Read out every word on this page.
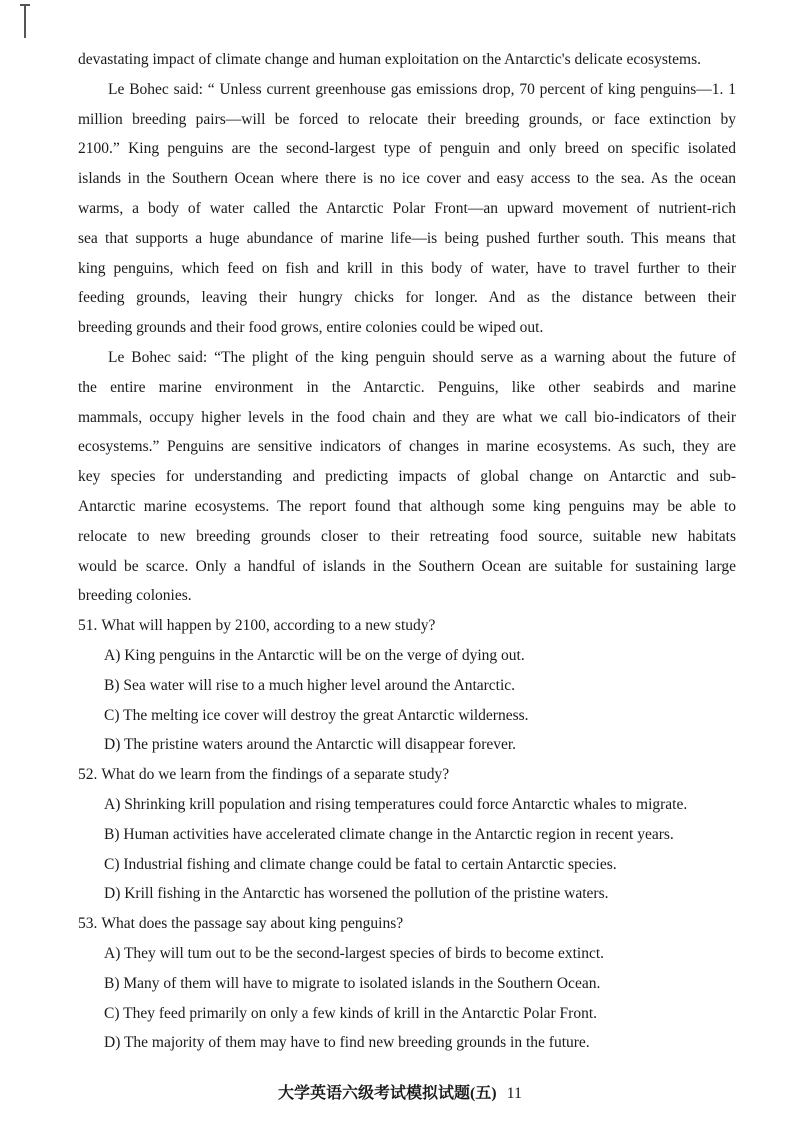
devastating impact of climate change and human exploitation on the Antarctic's delicate ecosystems.
Le Bohec said: “ Unless current greenhouse gas emissions drop, 70 percent of king penguins—1. 1
million breeding pairs—will be forced to relocate their breeding grounds, or face extinction by
2100.” King penguins are the second-largest type of penguin and only breed on specific isolated
islands in the Southern Ocean where there is no ice cover and easy access to the sea. As the ocean
warms, a body of water called the Antarctic Polar Front—an upward movement of nutrient-rich
sea that supports a huge abundance of marine life—is being pushed further south. This means that
king penguins, which feed on fish and krill in this body of water, have to travel further to their
feeding grounds, leaving their hungry chicks for longer. And as the distance between their
breeding grounds and their food grows, entire colonies could be wiped out.
Le Bohec said: “The plight of the king penguin should serve as a warning about the future of
the entire marine environment in the Antarctic. Penguins, like other seabirds and marine
mammals, occupy higher levels in the food chain and they are what we call bio-indicators of their
ecosystems.” Penguins are sensitive indicators of changes in marine ecosystems. As such, they are
key species for understanding and predicting impacts of global change on Antarctic and sub-
Antarctic marine ecosystems. The report found that although some king penguins may be able to
relocate to new breeding grounds closer to their retreating food source, suitable new habitats
would be scarce. Only a handful of islands in the Southern Ocean are suitable for sustaining large
breeding colonies.
51. What will happen by 2100, according to a new study?
A) King penguins in the Antarctic will be on the verge of dying out.
B) Sea water will rise to a much higher level around the Antarctic.
C) The melting ice cover will destroy the great Antarctic wilderness.
D) The pristine waters around the Antarctic will disappear forever.
52. What do we learn from the findings of a separate study?
A) Shrinking krill population and rising temperatures could force Antarctic whales to migrate.
B) Human activities have accelerated climate change in the Antarctic region in recent years.
C) Industrial fishing and climate change could be fatal to certain Antarctic species.
D) Krill fishing in the Antarctic has worsened the pollution of the pristine waters.
53. What does the passage say about king penguins?
A) They will tum out to be the second-largest species of birds to become extinct.
B) Many of them will have to migrate to isolated islands in the Southern Ocean.
C) They feed primarily on only a few kinds of krill in the Antarctic Polar Front.
D) The majority of them may have to find new breeding grounds in the future.
大学英语六级考试模拟试题(五) 11
